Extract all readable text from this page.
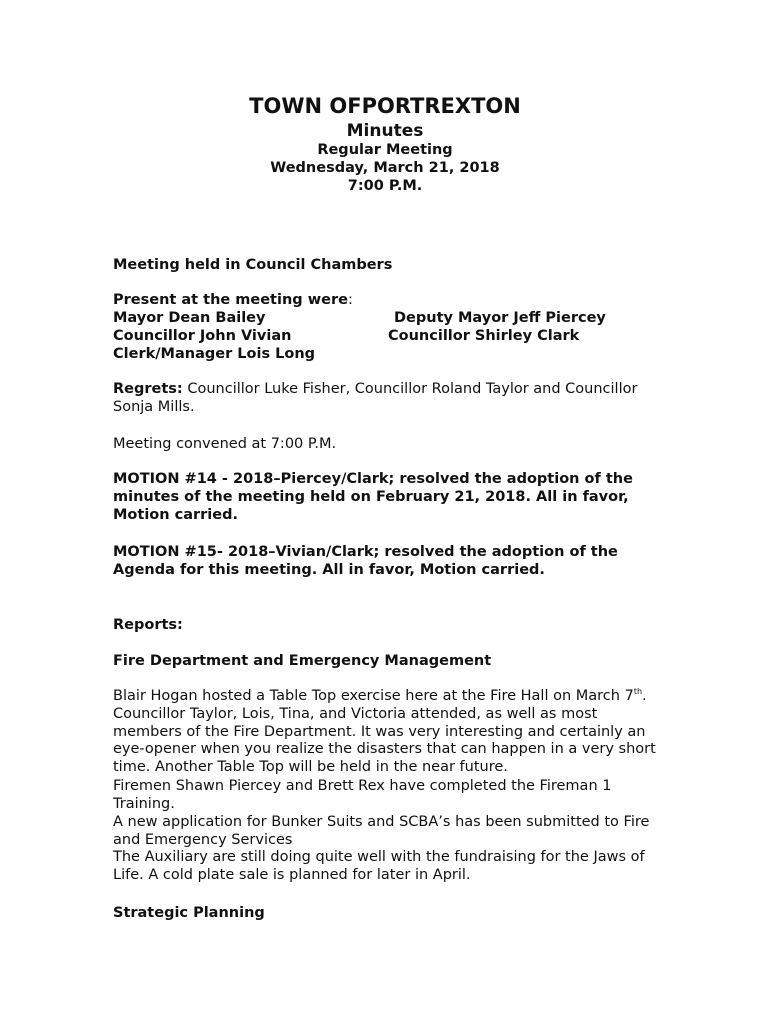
TOWN OFPORTREXTON
Minutes
Regular Meeting
Wednesday, March 21, 2018
7:00 P.M.
Meeting held in Council Chambers
Present at the meeting were:
Mayor Dean Bailey
Councillor John Vivian
Clerk/Manager Lois Long
Deputy Mayor Jeff Piercey
Councillor Shirley Clark
Regrets: Councillor Luke Fisher, Councillor Roland Taylor and Councillor Sonja Mills.
Meeting convened at 7:00 P.M.
MOTION #14 - 2018–Piercey/Clark; resolved the adoption of the minutes of the meeting held on February 21, 2018. All in favor, Motion carried.
MOTION #15- 2018–Vivian/Clark; resolved the adoption of the Agenda for this meeting. All in favor, Motion carried.
Reports:
Fire Department and Emergency Management
Blair Hogan hosted a Table Top exercise here at the Fire Hall on March 7th. Councillor Taylor, Lois, Tina, and Victoria attended, as well as most members of the Fire Department. It was very interesting and certainly an eye-opener when you realize the disasters that can happen in a very short time. Another Table Top will be held in the near future.
Firemen Shawn Piercey and Brett Rex have completed the Fireman 1 Training.
A new application for Bunker Suits and SCBA’s has been submitted to Fire and Emergency Services
The Auxiliary are still doing quite well with the fundraising for the Jaws of Life. A cold plate sale is planned for later in April.
Strategic Planning
